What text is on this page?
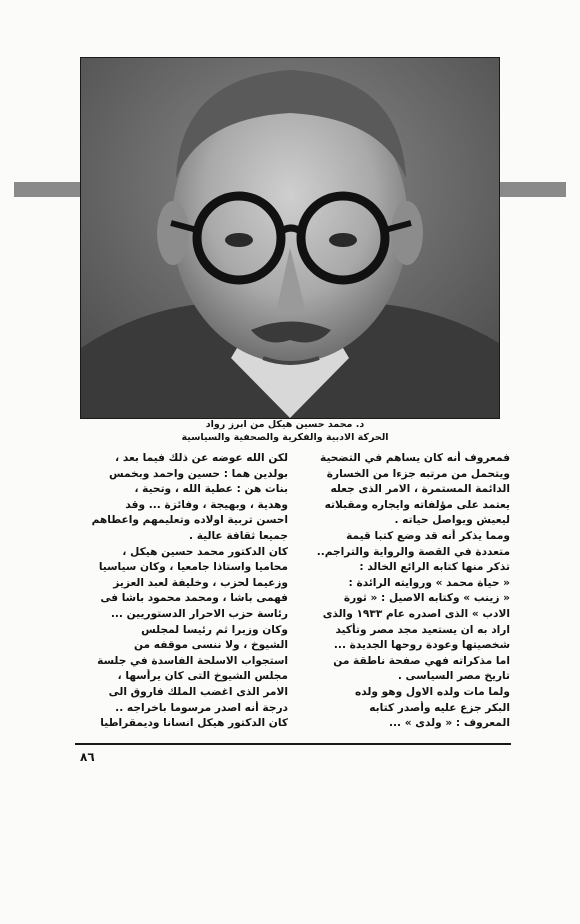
د. محمد حسين هيكل من ابرز رواد
الحركة الادبية والفكرية والصحفية والسياسية
فمعروف أنه كان يساهم في التضحية
ويتحمل من مرتبه جزءا من الخسارة
الدائمة المستمرة ، الامر الذى جعله
يعتمد على مؤلفاته وايجاره ومقبلاته
ليعيش ويواصل حياته .
ومما يذكر أنه قد وضع كتبا قيمة
متعددة في القصة والرواية والتراجم..
تذكر منها كتابه الرائع الخالد :
« حياة محمد » وروايته الرائدة :
« زينب » وكتابه الاصيل : « ثورة
الادب » الذى اصدره عام ١٩٣٣ والذى
اراد به ان يستعيد مجد مصر وتأكيد
شخصيتها وعودة روحها الجديدة ...
اما مذكراته فهي صفحة ناطقة من
تاريخ مصر السياسى .
ولما مات ولده الاول وهو ولده
البكر جزع عليه وأصدر كتابه
المعروف : « ولدى » ...
لكن الله عوضه عن ذلك فيما بعد ،
بولدين هما : حسين واحمد وبخمس
بنات هن : عطية الله ، وتحية ،
وهدية ، وبهيجة ، وفائزة ... وقد
احسن تربية اولاده وتعليمهم واعطاهم
جميعا ثقافة عالية .
كان الدكتور محمد حسين هيكل ،
محاميا واستاذا جامعيا ، وكان سياسيا
وزعيما لحزب ، وخليفة لعبد العزيز
فهمى باشا ، ومحمد محمود باشا فى
رئاسة حزب الاحرار الدستوريين ...
وكان وزيرا ثم رئيسا لمجلس
الشيوخ ، ولا ننسى موقفه من
استجواب الاسلحة الفاسدة في جلسة
مجلس الشيوخ التى كان يرأسها ،
الامر الذى اغضب الملك فاروق الى
درجة أنه اصدر مرسوما باخراجه ..
كان الدكتور هيكل انسانا وديمقراطيا
٨٦
